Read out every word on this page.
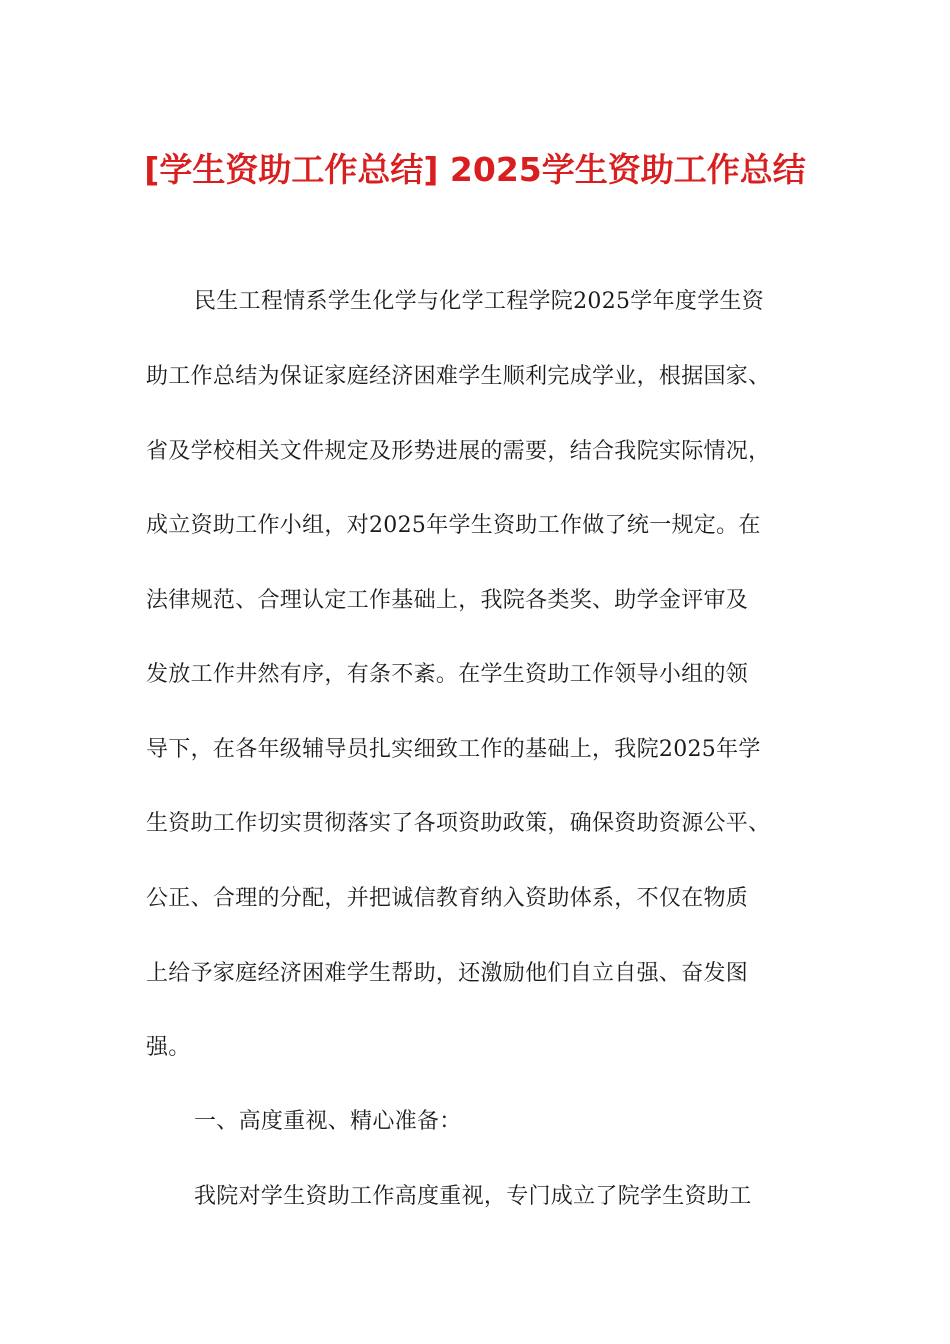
[学生资助工作总结] 2025学生资助工作总结
民生工程情系学生化学与化学工程学院2025学年度学生资
助工作总结为保证家庭经济困难学生顺利完成学业，根据国家、
省及学校相关文件规定及形势进展的需要，结合我院实际情况，
成立资助工作小组，对2025年学生资助工作做了统一规定。在
法律规范、合理认定工作基础上，我院各类奖、助学金评审及
发放工作井然有序，有条不紊。在学生资助工作领导小组的领
导下，在各年级辅导员扎实细致工作的基础上，我院2025年学
生资助工作切实贯彻落实了各项资助政策，确保资助资源公平、
公正、合理的分配，并把诚信教育纳入资助体系，不仅在物质
上给予家庭经济困难学生帮助，还激励他们自立自强、奋发图
强。
一、高度重视、精心准备：
我院对学生资助工作高度重视，专门成立了院学生资助工
